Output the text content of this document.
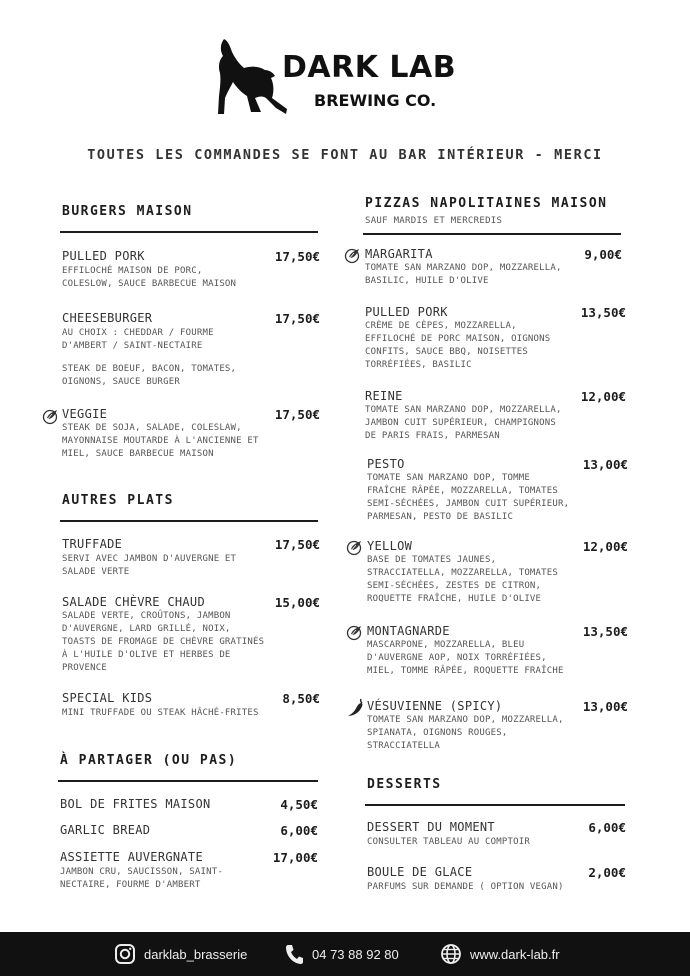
DARK LAB
BREWING CO.
TOUTES LES COMMANDES SE FONT AU BAR INTÉRIEUR - MERCI
BURGERS MAISON
PULLED PORK
EFFILOCHÉ MAISON DE PORC,
COLESLOW, SAUCE BARBECUE MAISON
17,50€
CHEESEBURGER
AU CHOIX : CHEDDAR / FOURME
D'AMBERT / SAINT-NECTAIRE
STEAK DE BOEUF, BACON, TOMATES,
OIGNONS, SAUCE BURGER
17,50€
VEGGIE
STEAK DE SOJA, SALADE, COLESLAW,
MAYONNAISE MOUTARDE À L'ANCIENNE ET
MIEL, SAUCE BARBECUE MAISON
17,50€
AUTRES PLATS
TRUFFADE
SERVI AVEC JAMBON D'AUVERGNE ET
SALADE VERTE
17,50€
SALADE CHÈVRE CHAUD
SALADE VERTE, CROÛTONS, JAMBON
D'AUVERGNE, LARD GRILLÉ, NOIX,
TOASTS DE FROMAGE DE CHÈVRE GRATINÉS
À L'HUILE D'OLIVE ET HERBES DE
PROVENCE
15,00€
SPECIAL KIDS
MINI TRUFFADE OU STEAK HÂCHÉ-FRITES
8,50€
À PARTAGER (OU PAS)
BOL DE FRITES MAISON	4,50€
GARLIC BREAD	6,00€
ASSIETTE AUVERGNATE
JAMBON CRU, SAUCISSON, SAINT-
NECTAIRE, FOURME D'AMBERT
17,00€
PIZZAS NAPOLITAINES MAISON
SAUF MARDIS ET MERCREDIS
MARGARITA
TOMATE SAN MARZANO DOP, MOZZARELLA,
BASILIC, HUILE D'OLIVE
9,00€
PULLED PORK
CRÈME DE CÈPES, MOZZARELLA,
EFFILOCHÉ DE PORC MAISON, OIGNONS
CONFITS, SAUCE BBQ, NOISETTES
TORRÉFIÉES, BASILIC
13,50€
REINE
TOMATE SAN MARZANO DOP, MOZZARELLA,
JAMBON CUIT SUPÉRIEUR, CHAMPIGNONS
DE PARIS FRAIS, PARMESAN
12,00€
PESTO
TOMATE SAN MARZANO DOP, TOMME
FRAÎCHE RÂPÉE, MOZZARELLA, TOMATES
SEMI-SÉCHÉES, JAMBON CUIT SUPÉRIEUR,
PARMESAN, PESTO DE BASILIC
13,00€
YELLOW
BASE DE TOMATES JAUNES,
STRACCIATELLA, MOZZARELLA, TOMATES
SEMI-SÉCHÉES, ZESTES DE CITRON,
ROQUETTE FRAÎCHE, HUILE D'OLIVE
12,00€
MONTAGNARDE
MASCARPONE, MOZZARELLA, BLEU
D'AUVERGNE AOP, NOIX TORRÉFIÉES,
MIEL, TOMME RÂPÉE, ROQUETTE FRAÎCHE
13,50€
VÉSUVIENNE (SPICY)
TOMATE SAN MARZANO DOP, MOZZARELLA,
SPIANATA, OIGNONS ROUGES,
STRACCIATELLA
13,00€
DESSERTS
DESSERT DU MOMENT
CONSULTER TABLEAU AU COMPTOIR
6,00€
BOULE DE GLACE
PARFUMS SUR DEMANDE ( OPTION VEGAN)
2,00€
darklab_brasserie	04 73 88 92 80	www.dark-lab.fr
